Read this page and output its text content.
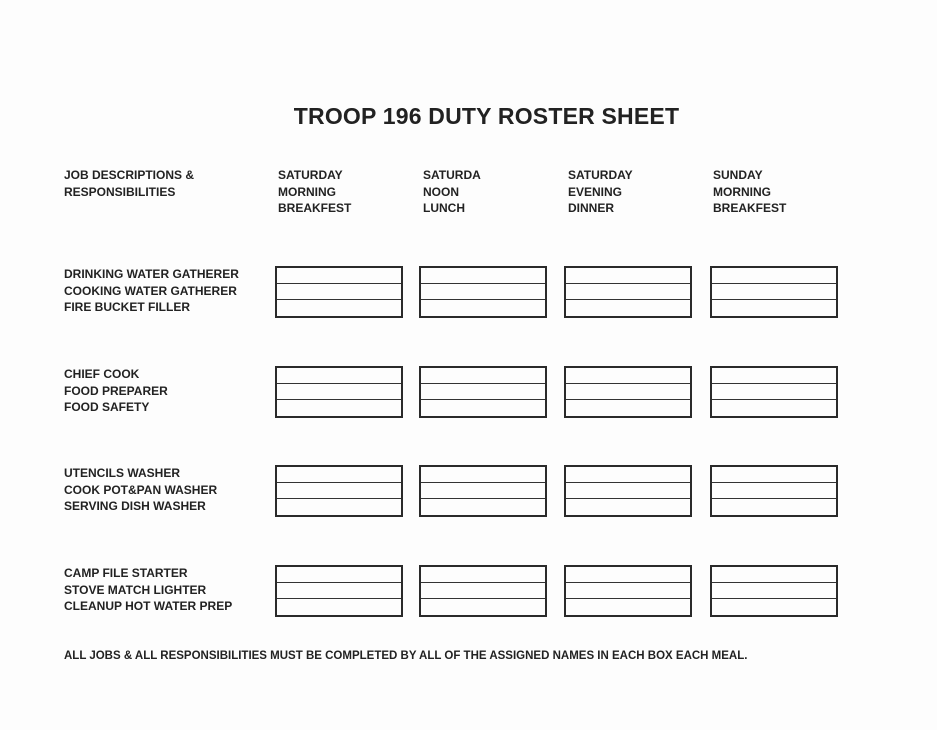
TROOP 196 DUTY ROSTER SHEET
JOB DESCRIPTIONS &
RESPONSIBILITIES
SATURDAY
MORNING
BREAKFEST
SATURDA
NOON
LUNCH
SATURDAY
EVENING
DINNER
SUNDAY
MORNING
BREAKFEST
DRINKING WATER GATHERER
COOKING WATER GATHERER
FIRE BUCKET FILLER
CHIEF COOK
FOOD PREPARER
FOOD SAFETY
UTENCILS WASHER
COOK POT&PAN WASHER
SERVING DISH WASHER
CAMP FILE STARTER
STOVE MATCH LIGHTER
CLEANUP HOT WATER PREP
ALL JOBS & ALL RESPONSIBILITIES MUST BE COMPLETED BY ALL OF THE ASSIGNED NAMES IN EACH BOX EACH MEAL.
